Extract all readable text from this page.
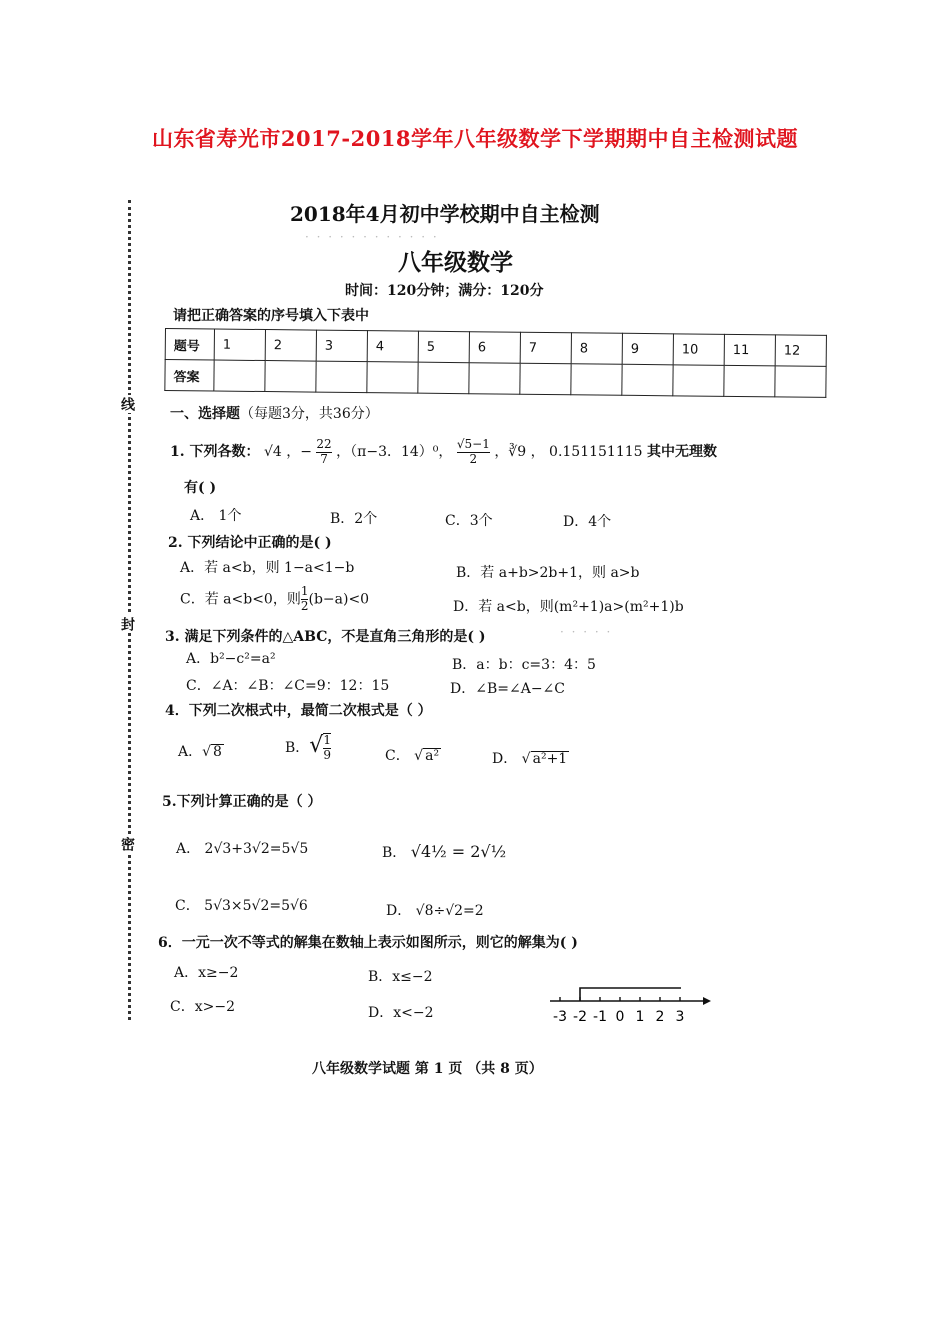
山东省寿光市2017-2018学年八年级数学下学期期中自主检测试题
线
封
密
· · · · · · · · · · · ·
· · · · ·
2018年4月初中学校期中自主检测
八年级数学
时间：120分钟；满分：120分
请把正确答案的序号填入下表中
题号	1	2	3	4	5	6	7	8	9	10	11	12
答案												
一、选择题（每题3分，共36分）
1. 下列各数： √4 ，− $\frac{22}{7}$ ，（π−3．14）⁰， $\frac{√5-1}{2}$ ，∛9 ， 0.151151115 其中无理数
有( )
A． 1个	B．2个	C．3个	D．4个
2. 下列结论中正确的是( )
A．若 a<b，则 1−a<1−b	B．若 a+b>2b+1，则 a>b
C．若 a<b<0，则 $\frac{1}{2} (b-a)<0$	D．若 a<b，则(m²+1)a>(m²+1)b
3. 满足下列条件的△ABC，不是直角三角形的是( )
A．b²−c²=a²	B．a：b：c=3：4：5
C．∠A：∠B：∠C=9：12：15	D．∠B=∠A−∠C
4．下列二次根式中，最简二次根式是（ ）
A．√ 8	B．√ $\frac{1}{9}$	C． √ a²	D． √ a²+1
5.下列计算正确的是（ ）
A． 2√3+3√2=5√5	B． √4½ = 2√½
C． 5√3×5√2=5√6	D． √8÷√2=2
6．一元一次不等式的解集在数轴上表示如图所示，则它的解集为( )
A．x≥−2	B．x≤−2
C．x>−2	D．x<−2	-3 -2 -1 0 1 2 3
八年级数学试题 第 1 页 （共 8 页）
